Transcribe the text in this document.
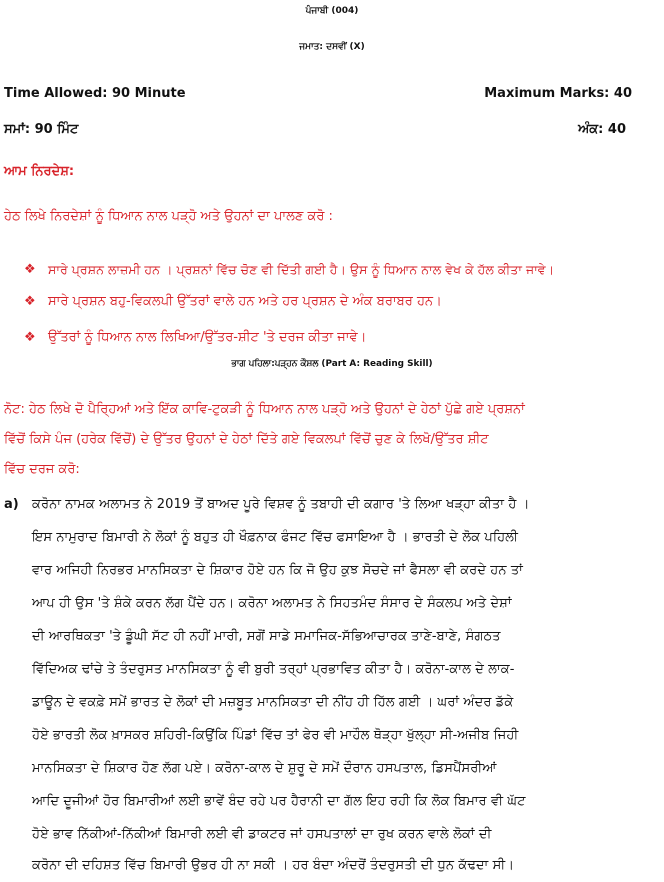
ਪੰਜਾਬੀ (004)
ਜਮਾਤ: ਦਸਵੀਂ (X)
Time Allowed: 90 Minute	Maximum Marks: 40
ਸਮਾਂ: 90 ਮਿੰਟ	ਅੰਕ: 40
ਆਮ ਨਿਰਦੇਸ਼:
ਹੇਠ ਲਿਖੇ ਨਿਰਦੇਸ਼ਾਂ ਨੂੰ ਧਿਆਨ ਨਾਲ ਪੜ੍ਹੋ ਅਤੇ ਉਹਨਾਂ ਦਾ ਪਾਲਣ ਕਰੋ :
❖ ਸਾਰੇ ਪ੍ਰਸ਼ਨ ਲਾਜ਼ਮੀ ਹਨ । ਪ੍ਰਸ਼ਨਾਂ ਵਿੱਚ ਚੋਣ ਵੀ ਦਿੱਤੀ ਗਈ ਹੈ। ਉਸ ਨੂੰ ਧਿਆਨ ਨਾਲ ਵੇਖ ਕੇ ਹੱਲ ਕੀਤਾ ਜਾਵੇ।
❖ ਸਾਰੇ ਪ੍ਰਸ਼ਨ ਬਹੁ-ਵਿਕਲਪੀ ਉੱਤਰਾਂ ਵਾਲੇ ਹਨ ਅਤੇ ਹਰ ਪ੍ਰਸ਼ਨ ਦੇ ਅੰਕ ਬਰਾਬਰ ਹਨ।
❖ ਉੱਤਰਾਂ ਨੂੰ ਧਿਆਨ ਨਾਲ ਲਿਖਿਆ/ਉੱਤਰ-ਸ਼ੀਟ 'ਤੇ ਦਰਜ ਕੀਤਾ ਜਾਵੇ।
ਭਾਗ ਪਹਿਲਾ:ਪੜ੍ਹਨ ਕੌਸ਼ਲ (Part A: Reading Skill)
ਨੋਟ: ਹੇਠ ਲਿਖੇ ਦੋ ਪੈਰ੍ਹਿਆਂ ਅਤੇ ਇੱਕ ਕਾਵਿ-ਟੁਕੜੀ ਨੂੰ ਧਿਆਨ ਨਾਲ ਪੜ੍ਹੋ ਅਤੇ ਉਹਨਾਂ ਦੇ ਹੇਠਾਂ ਪੁੱਛੇ ਗਏ ਪ੍ਰਸ਼ਨਾਂ
ਵਿੱਚੋਂ ਕਿਸੇ ਪੰਜ (ਹਰੇਕ ਵਿੱਚੋਂ) ਦੇ ਉੱਤਰ ਉਹਨਾਂ ਦੇ ਹੇਠਾਂ ਦਿੱਤੇ ਗਏ ਵਿਕਲਪਾਂ ਵਿੱਚੋਂ ਚੁਣ ਕੇ ਲਿਖੋ/ਉੱਤਰ ਸ਼ੀਟ
ਵਿੱਚ ਦਰਜ ਕਰੋ:
a) ਕਰੋਨਾ ਨਾਮਕ ਅਲਾਮਤ ਨੇ 2019 ਤੋਂ ਬਾਅਦ ਪੂਰੇ ਵਿਸ਼ਵ ਨੂੰ ਤਬਾਹੀ ਦੀ ਕਗਾਰ 'ਤੇ ਲਿਆ ਖੜ੍ਹਾ ਕੀਤਾ ਹੈ ।
ਇਸ ਨਾਮੁਰਾਦ ਬਿਮਾਰੀ ਨੇ ਲੋਕਾਂ ਨੂੰ ਬਹੁਤ ਹੀ ਖੌਫ਼ਨਾਕ ਫੰਜਟ ਵਿੱਚ ਫਸਾਇਆ ਹੈ । ਭਾਰਤੀ ਦੇ ਲੋਕ ਪਹਿਲੀ
ਵਾਰ ਅਜਿਹੀ ਨਿਰਭਰ ਮਾਨਸਿਕਤਾ ਦੇ ਸ਼ਿਕਾਰ ਹੋਏ ਹਨ ਕਿ ਜੋ ਉਹ ਕੁਝ ਸੋਚਦੇ ਜਾਂ ਫੈਸਲਾ ਵੀ ਕਰਦੇ ਹਨ ਤਾਂ
ਆਪ ਹੀ ਉਸ 'ਤੇ ਸ਼ੰਕੇ ਕਰਨ ਲੱਗ ਪੈਂਦੇ ਹਨ। ਕਰੋਨਾ ਅਲਾਮਤ ਨੇ ਸਿਹਤਮੰਦ ਸੰਸਾਰ ਦੇ ਸੰਕਲਪ ਅਤੇ ਦੇਸ਼ਾਂ
ਦੀ ਆਰਥਿਕਤਾ 'ਤੇ ਡੂੰਘੀ ਸੱਟ ਹੀ ਨਹੀਂ ਮਾਰੀ, ਸਗੋਂ ਸਾਡੇ ਸਮਾਜਿਕ-ਸੱਭਿਆਚਾਰਕ ਤਾਣੇ-ਬਾਣੇ, ਸੰਗਠਤ
ਵਿੱਦਿਅਕ ਢਾਂਚੇ ਤੇ ਤੰਦਰੁਸਤ ਮਾਨਸਿਕਤਾ ਨੂੰ ਵੀ ਬੁਰੀ ਤਰ੍ਹਾਂ ਪ੍ਰਭਾਵਿਤ ਕੀਤਾ ਹੈ। ਕਰੋਨਾ-ਕਾਲ ਦੇ ਲਾਕ-
ਡਾਊਨ ਦੇ ਵਕਫ਼ੇ ਸਮੇਂ ਭਾਰਤ ਦੇ ਲੋਕਾਂ ਦੀ ਮਜ਼ਬੂਤ ਮਾਨਸਿਕਤਾ ਦੀ ਨੀਂਹ ਹੀ ਹਿੱਲ ਗਈ । ਘਰਾਂ ਅੰਦਰ ਡੱਕੇ
ਹੋਏ ਭਾਰਤੀ ਲੋਕ ਖ਼ਾਸਕਰ ਸ਼ਹਿਰੀ-ਕਿਉਂਕਿ ਪਿੰਡਾਂ ਵਿੱਚ ਤਾਂ ਫੇਰ ਵੀ ਮਾਹੌਲ ਥੋੜ੍ਹਾ ਖੁੱਲ੍ਹਾ ਸੀ-ਅਜੀਬ ਜਿਹੀ
ਮਾਨਸਿਕਤਾ ਦੇ ਸ਼ਿਕਾਰ ਹੋਣ ਲੱਗ ਪਏ। ਕਰੋਨਾ-ਕਾਲ ਦੇ ਸ਼ੁਰੂ ਦੇ ਸਮੇਂ ਦੌਰਾਨ ਹਸਪਤਾਲ, ਡਿਸਪੈਂਸਰੀਆਂ
ਆਦਿ ਦੂਜੀਆਂ ਹੋਰ ਬਿਮਾਰੀਆਂ ਲਈ ਭਾਵੇਂ ਬੰਦ ਰਹੇ ਪਰ ਹੈਰਾਨੀ ਦਾ ਗੱਲ ਇਹ ਰਹੀ ਕਿ ਲੋਕ ਬਿਮਾਰ ਵੀ ਘੱਟ
ਹੋਏ ਭਾਵ ਨਿੱਕੀਆਂ-ਨਿੱਕੀਆਂ ਬਿਮਾਰੀ ਲਈ ਵੀ ਡਾਕਟਰ ਜਾਂ ਹਸਪਤਾਲਾਂ ਦਾ ਰੁਖ ਕਰਨ ਵਾਲੇ ਲੋਕਾਂ ਦੀ
ਕਰੋਨਾ ਦੀ ਦਹਿਸ਼ਤ ਵਿੱਚ ਬਿਮਾਰੀ ਉਭਰ ਹੀ ਨਾ ਸਕੀ । ਹਰ ਬੰਦਾ ਅੰਦਰੋਂ ਤੰਦਰੁਸਤੀ ਦੀ ਧੁਨ ਕੱਢਦਾ ਸੀ।
